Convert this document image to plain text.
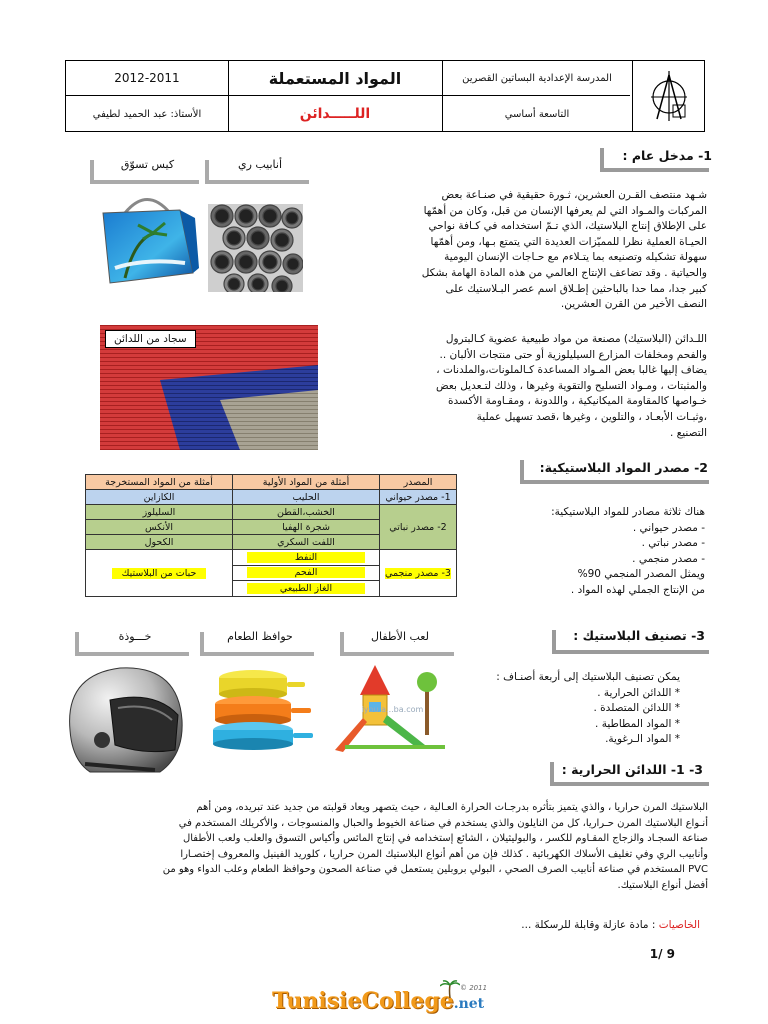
2012-2011	المواد المستعملة	المدرسة الإعدادية البساتين القصرين
الأستاذ: عبد الحميد لطيفي	اللـــــدائن	التاسعة أساسي
1- مدخل عام :
كيس تسوّق	أنابيب ري
شـهد منتصف القـرن العشرين، ثـورة حقيقية في صنـاعة بعض
المركبات والمـواد التي لم يعرفها الإنسان من قبل، وكان من أهمّها
على الإطلاق إنتاج البلاستيك، الذي تـمّ استخدامه في كـافة نواحي
الحيـاة العملية نظرا للمميّزات العديدة التي يتمتع بـها، ومن أهمّها
سهولة تشكيله وتصنيعه بما يتـلاءم مع حـاجات الإنسان اليومية
والحياتية . وقد تضاعف الإنتاج العالمي من هذه المادة الهامة بشكل
كبير جدا، مما حدا بالباحثين إطـلاق اسم عصر البـلاستيك على
النصف الأخير من القرن العشرين.
سجاد من اللدائن	اللـدائن (البلاستيك) مصنعة من مواد طبيعية عضوية كـالبترول
والفحم ومخلفات المزارع السيليلوزية أو حتى منتجات الألبان ..
يضاف إليها غالبا بعض المـواد المساعدة كـالملونات،والملدنات ،
والمثبتات ، ومـواد التسليح والتقوية وغيرها ، وذلك لتـعديل بعض
خـواصها كالمقاومة الميكانيكية ، واللدونة ، ومقـاومة الأكسدة
،وثبـات الأبعـاد ، والتلوين ، وغيرها ،قصد تسهيل عملية
التصنيع .
2- مصدر المواد البلاستيكية:
المصدر	أمثلة من المواد الأولية	أمثلة من المواد المستخرجة
1- مصدر حيواني	الحليب	الكازاين
2- مصدر نباتي	الخشب،القطن	السليلوز
	شجرة الهفيا	الأنكس
	اللفت السكري	الكحول
3- مصدر منجمي	النفط	حبات من البلاستيك

	الفحم	

	الغاز الطبيعي	
هناك ثلاثة مصادر للمواد البلاستيكية:
- مصدر حيواني .
- مصدر نباتي .
- مصدر منجمي .
ويمثل المصدر المنجمي 90%
من الإنتاج الجملي لهذه المواد .
3- تصنيف البلاستيك :
خـــوذة	حوافظ الطعام	لعب الأطفال
iyou.a...ba.com
يمكن تصنيف البلاستيك إلى أربعة أصنـاف :
* اللدائن الحرارية .
* اللدائن المتصلدة .
* المواد المطاطية .
* المواد الـرغوية.
3- 1- اللدائن الحرارية :
البلاستيك المرن حراريا ، والذي يتميز بتأثره بدرجـات الحرارة العـالية ، حيث يتصهر ويعاد قولبته من جديد عند تبريده، ومن أهم
أنـواع البلاستيك المرن حـراريا، كل من النايلون والذي يستخدم في صناعة الخيوط والحبال والمنسوجات ، والأكريلك المستخدم في
صناعة السجـاد والزجاج المقـاوم للكسر ، والبوليثيلان ، الشائع إستخدامه في إنتاج المائس وأكياس التسوق والعلب ولعب الأطفال
وأنابيب الري وفي تغليف الأسلاك الكهربائية . كذلك فإن من أهم أنواع البلاستيك المرن حراريا ، كلوريد الفينيل والمعروف إختصـارا
PVC المستخدم في صناعة أنابيب الصرف الصحي ، البولي بروبلين يستعمل في صناعة الصحون وحوافظ الطعام وعلب الدواء وهو من
أفضل أنواع البلاستيك.
الخاصيات : مادة عازلة وقابلة للرسكلة ...
1/ 9
TunisieCollege.net
© 2011
